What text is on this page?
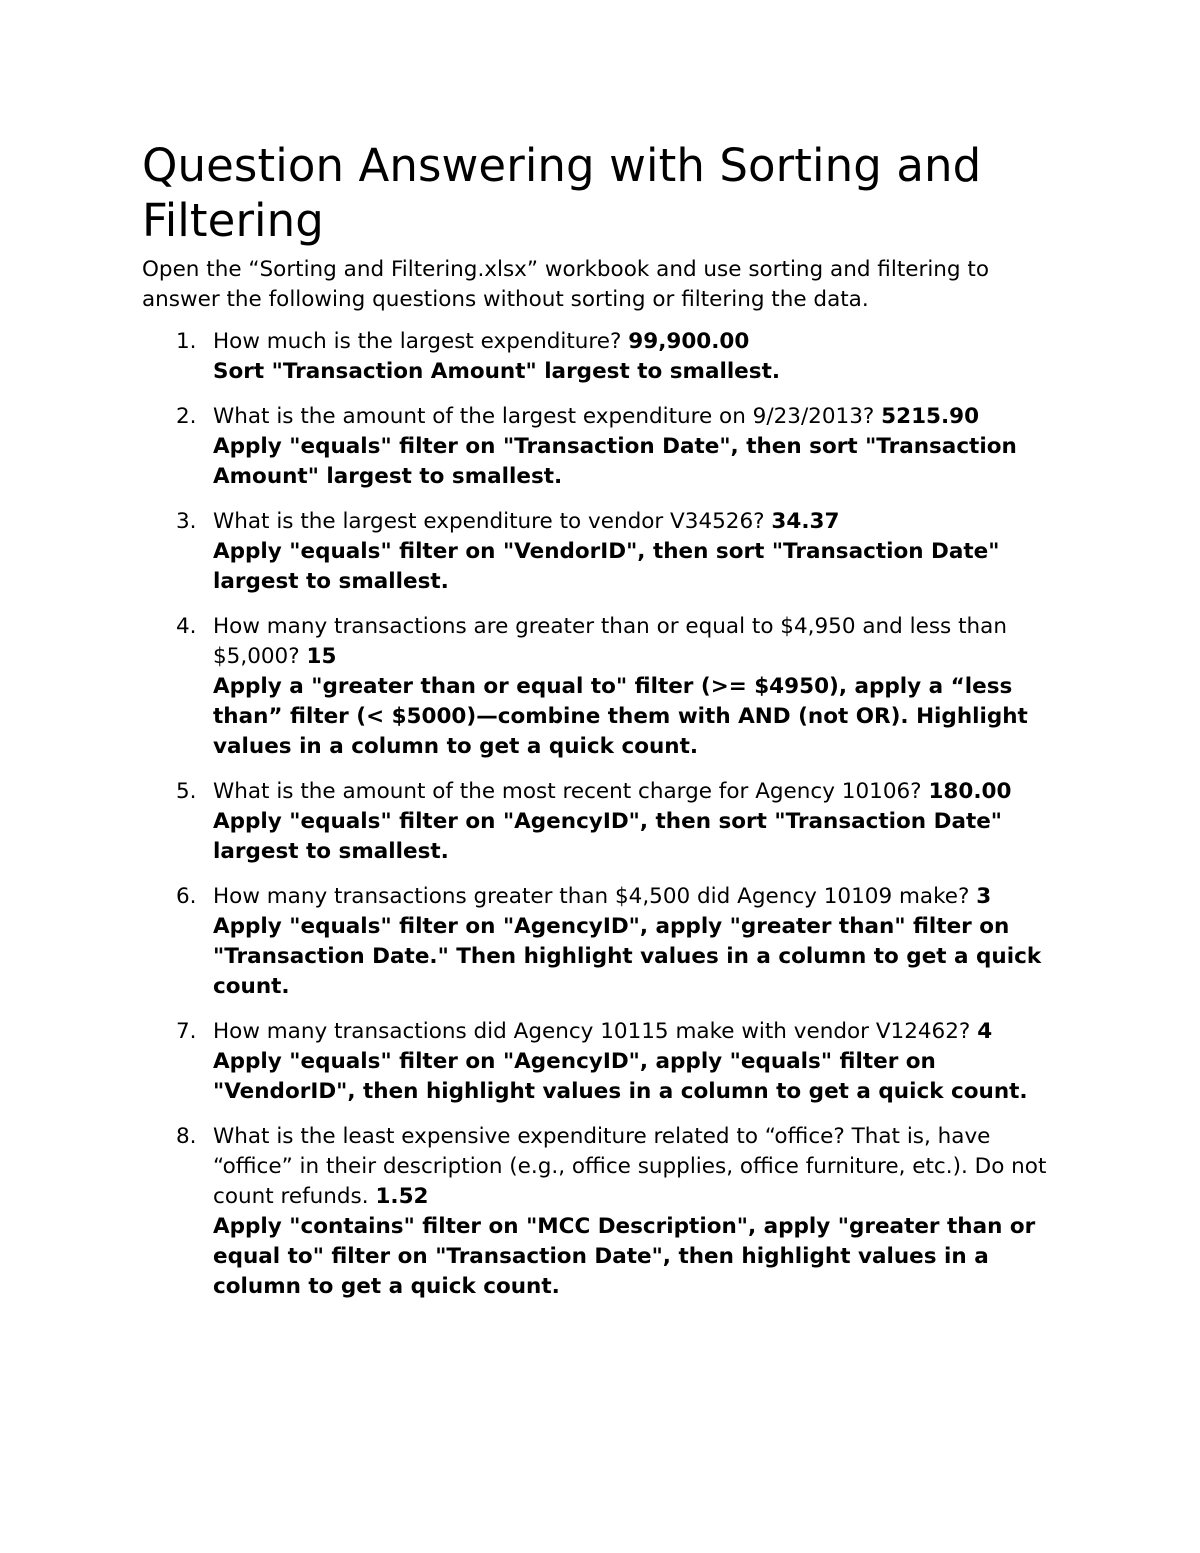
Question Answering with Sorting and Filtering

Open the “Sorting and Filtering.xlsx” workbook and use sorting and filtering to answer the following questions without sorting or filtering the data.

1. How much is the largest expenditure? 99,900.00
Sort "Transaction Amount" largest to smallest.
2. What is the amount of the largest expenditure on 9/23/2013? 5215.90
Apply "equals" filter on "Transaction Date", then sort "Transaction Amount" largest to smallest.
3. What is the largest expenditure to vendor V34526? 34.37
Apply "equals" filter on "VendorID", then sort "Transaction Date" largest to smallest.
4. How many transactions are greater than or equal to $4,950 and less than $5,000? 15
Apply a "greater than or equal to" filter (>= $4950), apply a “less than” filter (< $5000)—combine them with AND (not OR). Highlight values in a column to get a quick count.
5. What is the amount of the most recent charge for Agency 10106? 180.00
Apply "equals" filter on "AgencyID", then sort "Transaction Date" largest to smallest.
6. How many transactions greater than $4,500 did Agency 10109 make? 3
Apply "equals" filter on "AgencyID", apply "greater than" filter on "Transaction Date." Then highlight values in a column to get a quick count.
7. How many transactions did Agency 10115 make with vendor V12462? 4
Apply "equals" filter on "AgencyID", apply "equals" filter on "VendorID", then highlight values in a column to get a quick count.
8. What is the least expensive expenditure related to “office? That is, have “office” in their description (e.g., office supplies, office furniture, etc.). Do not count refunds. 1.52
Apply "contains" filter on "MCC Description", apply "greater than or equal to" filter on "Transaction Date", then highlight values in a column to get a quick count.
